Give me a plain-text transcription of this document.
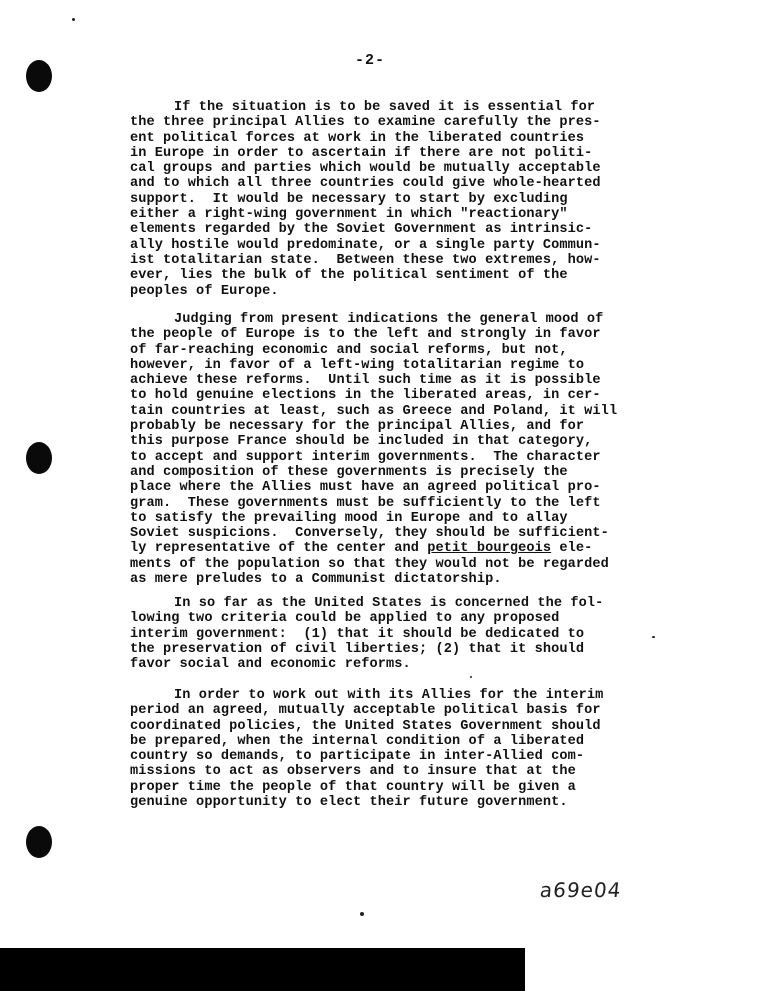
-2-
If the situation is to be saved it is essential for
the three principal Allies to examine carefully the pres-
ent political forces at work in the liberated countries
in Europe in order to ascertain if there are not politi-
cal groups and parties which would be mutually acceptable
and to which all three countries could give whole-hearted
support.  It would be necessary to start by excluding
either a right-wing government in which "reactionary"
elements regarded by the Soviet Government as intrinsic-
ally hostile would predominate, or a single party Commun-
ist totalitarian state.  Between these two extremes, how-
ever, lies the bulk of the political sentiment of the
peoples of Europe.
Judging from present indications the general mood of
the people of Europe is to the left and strongly in favor
of far-reaching economic and social reforms, but not,
however, in favor of a left-wing totalitarian regime to
achieve these reforms.  Until such time as it is possible
to hold genuine elections in the liberated areas, in cer-
tain countries at least, such as Greece and Poland, it will
probably be necessary for the principal Allies, and for
this purpose France should be included in that category,
to accept and support interim governments.  The character
and composition of these governments is precisely the
place where the Allies must have an agreed political pro-
gram.  These governments must be sufficiently to the left
to satisfy the prevailing mood in Europe and to allay
Soviet suspicions.  Conversely, they should be sufficient-
ly representative of the center and petit bourgeois ele-
ments of the population so that they would not be regarded
as mere preludes to a Communist dictatorship.
In so far as the United States is concerned the fol-
lowing two criteria could be applied to any proposed
interim government:  (1) that it should be dedicated to
the preservation of civil liberties; (2) that it should
favor social and economic reforms.
In order to work out with its Allies for the interim
period an agreed, mutually acceptable political basis for
coordinated policies, the United States Government should
be prepared, when the internal condition of a liberated
country so demands, to participate in inter-Allied com-
missions to act as observers and to insure that at the
proper time the people of that country will be given a
genuine opportunity to elect their future government.
a69e04
